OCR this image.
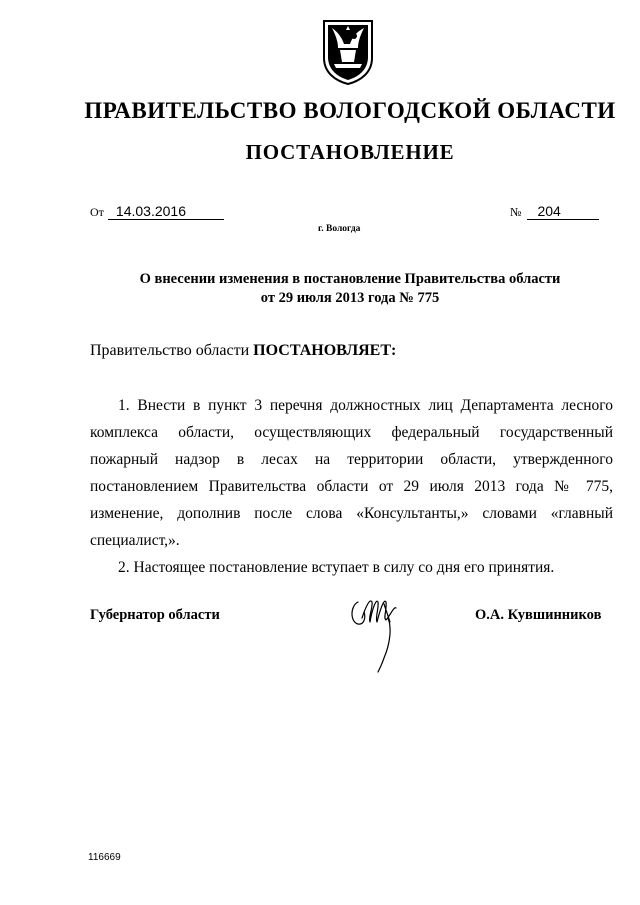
ПРАВИТЕЛЬСТВО ВОЛОГОДСКОЙ ОБЛАСТИ
ПОСТАНОВЛЕНИЕ
От 14.03.2016	№	204
г. Вологда
О внесении изменения в постановление Правительства области
от 29 июля 2013 года № 775
Правительство области ПОСТАНОВЛЯЕТ:

1. Внести в пункт 3 перечня должностных лиц Департамента лесного комплекса области, осуществляющих федеральный государственный пожарный надзор в лесах на территории области, утвержденного постановлением Правительства области от 29 июля 2013 года № 775, изменение, дополнив после слова «Консультанты,» словами «главный специалист,».

2. Настоящее постановление вступает в силу со дня его принятия.

Губернатор области	О.А. Кувшинников
116669
